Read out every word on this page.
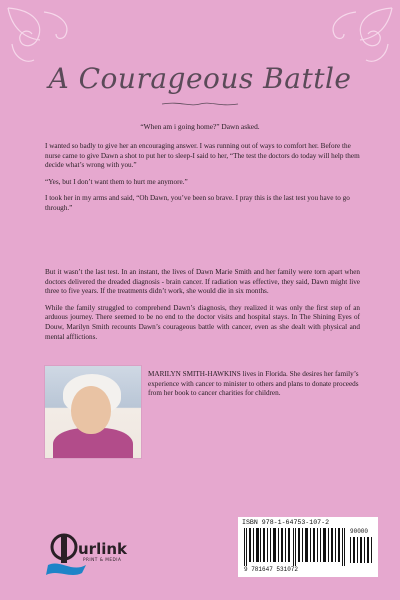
A Courageous Battle
“When am i going home?” Dawn asked.

I wanted so badly to give her an encouraging answer. I was running out of ways to comfort her. Before the nurse came to give Dawn a shot to put her to sleep-I said to her, “The test the doctors do today will help them decide what’s wrong with you.”

“Yes, but I don’t want them to hurt me anymore.”

I took her in my arms and said, “Oh Dawn, you’ve been so brave. I pray this is the last test you have to go through.”

But it wasn’t the last test. In an instant, the lives of Dawn Marie Smith and her family were torn apart when doctors delivered the dreaded diagnosis - brain cancer. If radiation was effective, they said, Dawn might live three to five years. If the treatments didn’t work, she would die in six months.

While the family struggled to comprehend Dawn’s diagnosis, they realized it was only the first step of an arduous journey. There seemed to be no end to the doctor visits and hospital stays. In The Shining Eyes of Douw, Marilyn Smith recounts Dawn’s courageous battle with cancer, even as she dealt with physical and mental afflictions.

MARILYN SMITH-HAWKINS lives in Florida. She desires her family’s experience with cancer to minister to others and plans to donate proceeds from her book to cancer charities for children.
urlink
PRINT & MEDIA
ISBN 978-1-64753-107-2
90000
9 781647 531072
